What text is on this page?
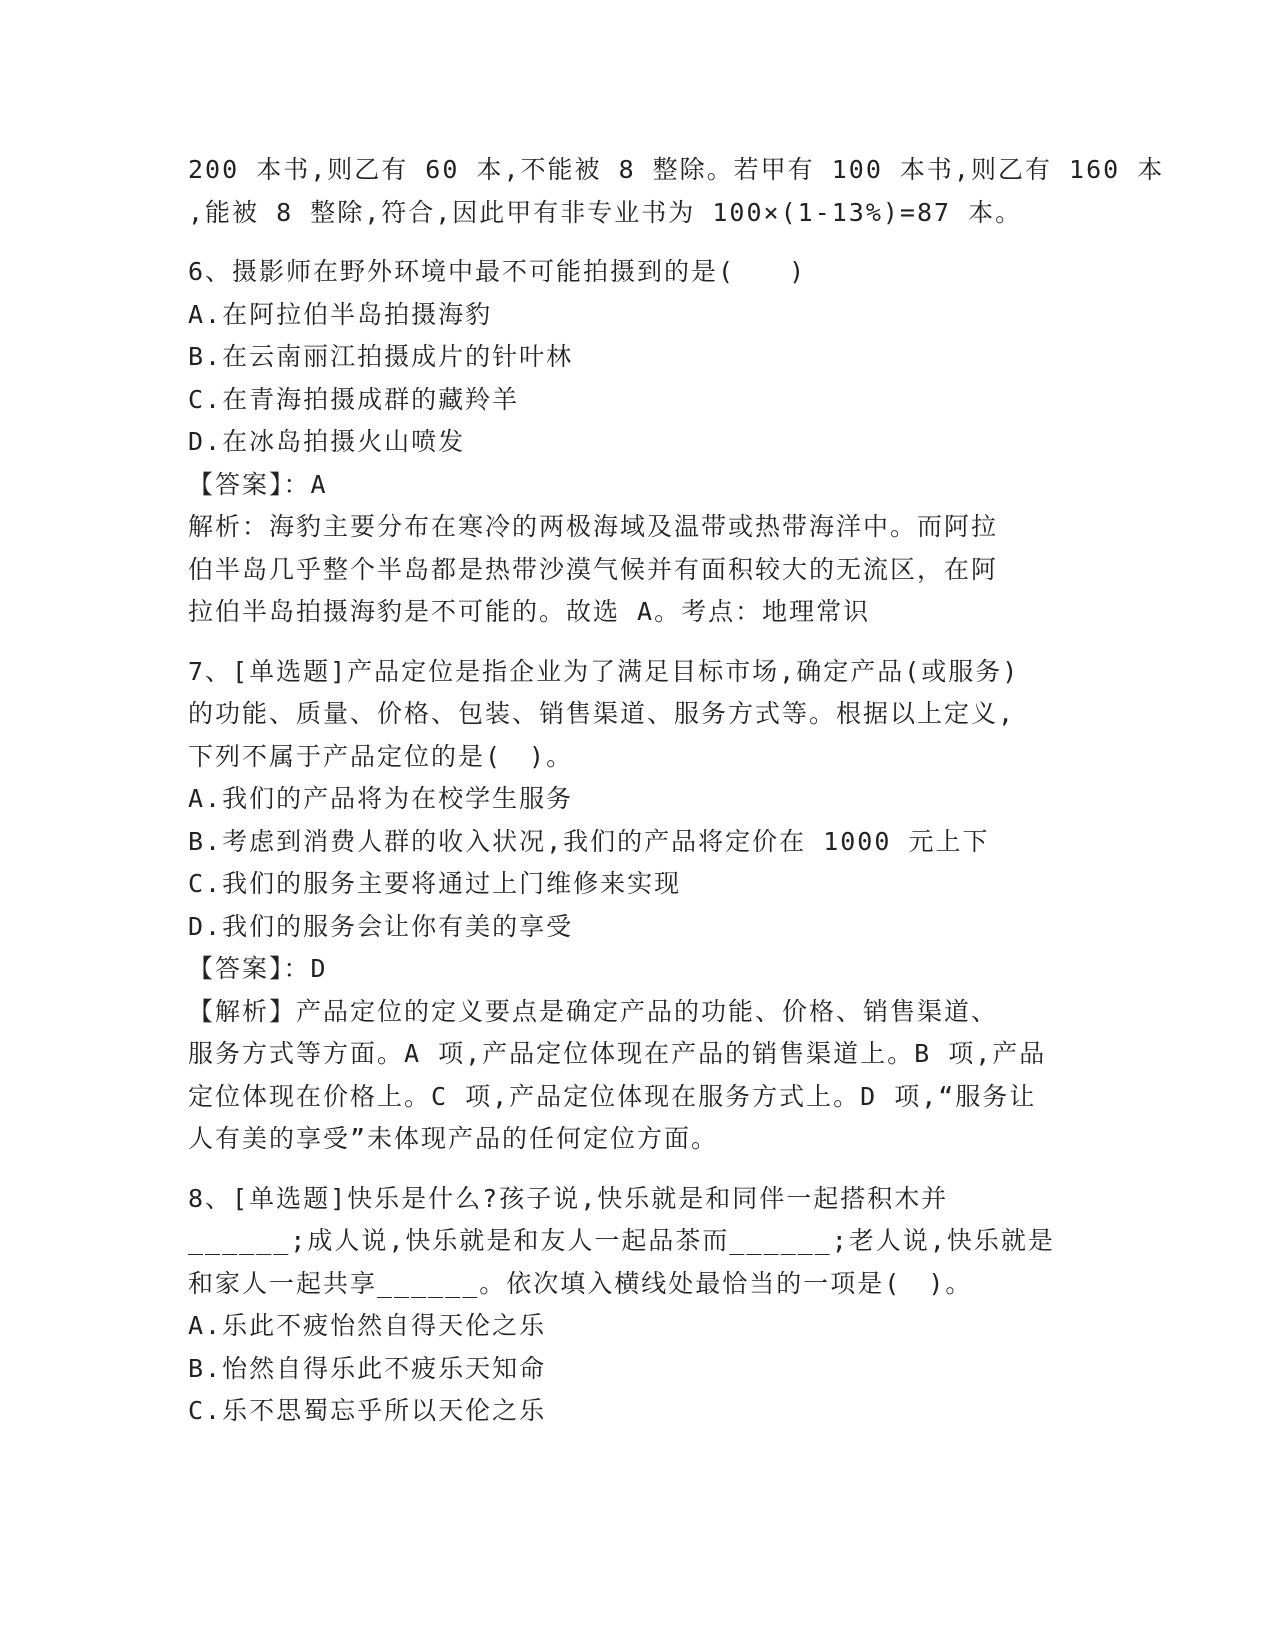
200 本书,则乙有 60 本,不能被 8 整除。若甲有 100 本书,则乙有 160 本
,能被 8 整除,符合,因此甲有非专业书为 100×(1-13%)=87 本。
6、摄影师在野外环境中最不可能拍摄到的是(　　)
A.在阿拉伯半岛拍摄海豹
B.在云南丽江拍摄成片的针叶林
C.在青海拍摄成群的藏羚羊
D.在冰岛拍摄火山喷发
【答案】：A
解析：海豹主要分布在寒冷的两极海域及温带或热带海洋中。而阿拉
伯半岛几乎整个半岛都是热带沙漠气候并有面积较大的无流区，在阿
拉伯半岛拍摄海豹是不可能的。故选 A。考点：地理常识
7、[单选题]产品定位是指企业为了满足目标市场,确定产品(或服务)
的功能、质量、价格、包装、销售渠道、服务方式等。根据以上定义,
下列不属于产品定位的是(　)。
A.我们的产品将为在校学生服务
B.考虑到消费人群的收入状况,我们的产品将定价在 1000 元上下
C.我们的服务主要将通过上门维修来实现
D.我们的服务会让你有美的享受
【答案】：D
【解析】产品定位的定义要点是确定产品的功能、价格、销售渠道、
服务方式等方面。A 项,产品定位体现在产品的销售渠道上。B 项,产品
定位体现在价格上。C 项,产品定位体现在服务方式上。D 项,“服务让
人有美的享受”未体现产品的任何定位方面。
8、[单选题]快乐是什么?孩子说,快乐就是和同伴一起搭积木并
______;成人说,快乐就是和友人一起品茶而______;老人说,快乐就是
和家人一起共享______。依次填入横线处最恰当的一项是(　)。
A.乐此不疲怡然自得天伦之乐
B.怡然自得乐此不疲乐天知命
C.乐不思蜀忘乎所以天伦之乐
